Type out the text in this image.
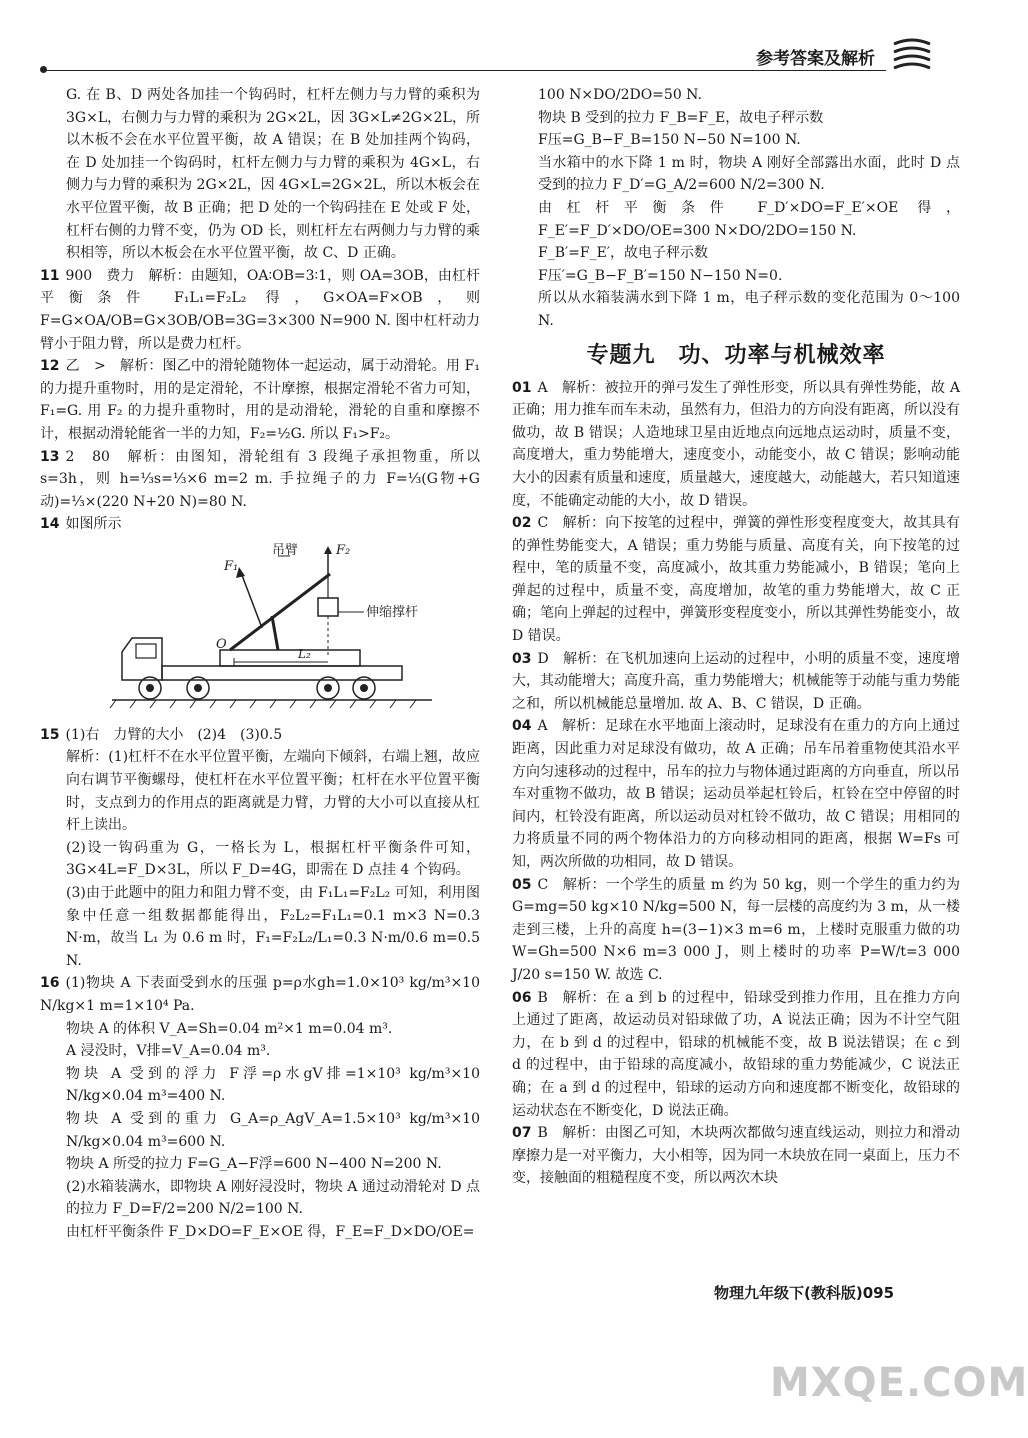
参考答案及解析

G. 在 B、D 两处各加挂一个钩码时，杠杆左侧力与力臂的乘积为 3G×L，右侧力与力臂的乘积为 2G×2L，因 3G×L≠2G×2L，所以木板不会在水平位置平衡，故 A 错误；在 B 处加挂两个钩码，在 D 处加挂一个钩码时，杠杆左侧力与力臂的乘积为 4G×L，右侧力与力臂的乘积为 2G×2L，因 4G×L=2G×2L，所以木板会在水平位置平衡，故 B 正确；把 D 处的一个钩码挂在 E 处或 F 处，杠杆右侧的力臂不变，仍为 OD 长，则杠杆左右两侧力与力臂的乘积相等，所以木板会在水平位置平衡，故 C、D 正确。

11 900　费力　解析：由题知，OA∶OB=3∶1，则 OA=3OB，由杠杆平衡条件 F₁L₁=F₂L₂ 得，G×OA=F×OB，则 F=G×OA/OB=G×3OB/OB=3G=3×300 N=900 N. 图中杠杆动力臂小于阻力臂，所以是费力杠杆。

12 乙　>　解析：图乙中的滑轮随物体一起运动，属于动滑轮。用 F₁ 的力提升重物时，用的是定滑轮，不计摩擦，根据定滑轮不省力可知，F₁=G. 用 F₂ 的力提升重物时，用的是动滑轮，滑轮的自重和摩擦不计，根据动滑轮能省一半的力知，F₂=½G. 所以 F₁>F₂。

13 2　80　解析：由图知，滑轮组有 3 段绳子承担物重，所以 s=3h，则 h=⅓s=⅓×6 m=2 m. 手拉绳子的力 F=⅓(G物+G动)=⅓×(220 N+20 N)=80 N.

14 如图所示

吊臂
伸缩撑杆
F₁
F₂
O
L₂

15 (1)右　力臂的大小　(2)4　(3)0.5

解析：(1)杠杆不在水平位置平衡，左端向下倾斜，右端上翘，故应向右调节平衡螺母，使杠杆在水平位置平衡；杠杆在水平位置平衡时，支点到力的作用点的距离就是力臂，力臂的大小可以直接从杠杆上读出。

(2)设一钩码重为 G，一格长为 L，根据杠杆平衡条件可知，3G×4L=F_D×3L，所以 F_D=4G，即需在 D 点挂 4 个钩码。

(3)由于此题中的阻力和阻力臂不变，由 F₁L₁=F₂L₂ 可知，利用图象中任意一组数据都能得出，F₂L₂=F₁L₁=0.1 m×3 N=0.3 N·m，故当 L₁ 为 0.6 m 时，F₁=F₂L₂/L₁=0.3 N·m/0.6 m=0.5 N.

16 (1)物块 A 下表面受到水的压强 p=ρ水gh=1.0×10³ kg/m³×10 N/kg×1 m=1×10⁴ Pa.

物块 A 的体积 V_A=Sh=0.04 m²×1 m=0.04 m³.

A 浸没时，V排=V_A=0.04 m³.

物块 A 受到的浮力 F浮=ρ水gV排=1×10³ kg/m³×10 N/kg×0.04 m³=400 N.

物块 A 受到的重力 G_A=ρ_AgV_A=1.5×10³ kg/m³×10 N/kg×0.04 m³=600 N.

物块 A 所受的拉力 F=G_A−F浮=600 N−400 N=200 N.

(2)水箱装满水，即物块 A 刚好浸没时，物块 A 通过动滑轮对 D 点的拉力 F_D=F/2=200 N/2=100 N.

由杠杆平衡条件 F_D×DO=F_E×OE 得，F_E=F_D×DO/OE=

100 N×DO/2DO=50 N.

物块 B 受到的拉力 F_B=F_E，故电子秤示数

F压=G_B−F_B=150 N−50 N=100 N.

当水箱中的水下降 1 m 时，物块 A 刚好全部露出水面，此时 D 点受到的拉力 F_D′=G_A/2=600 N/2=300 N.

由杠杆平衡条件 F_D′×DO=F_E′×OE 得，F_E′=F_D′×DO/OE=300 N×DO/2DO=150 N.

F_B′=F_E′，故电子秤示数

F压′=G_B−F_B′=150 N−150 N=0.

所以从水箱装满水到下降 1 m，电子秤示数的变化范围为 0～100 N.

专题九　功、功率与机械效率

01 A　解析：被拉开的弹弓发生了弹性形变，所以具有弹性势能，故 A 正确；用力推车而车未动，虽然有力，但沿力的方向没有距离，所以没有做功，故 B 错误；人造地球卫星由近地点向远地点运动时，质量不变，高度增大，重力势能增大，速度变小，动能变小，故 C 错误；影响动能大小的因素有质量和速度，质量越大，速度越大，动能越大，若只知道速度，不能确定动能的大小，故 D 错误。

02 C　解析：向下按笔的过程中，弹簧的弹性形变程度变大，故其具有的弹性势能变大，A 错误；重力势能与质量、高度有关，向下按笔的过程中，笔的质量不变，高度减小，故其重力势能减小，B 错误；笔向上弹起的过程中，质量不变，高度增加，故笔的重力势能增大，故 C 正确；笔向上弹起的过程中，弹簧形变程度变小，所以其弹性势能变小，故 D 错误。

03 D　解析：在飞机加速向上运动的过程中，小明的质量不变，速度增大，其动能增大；高度升高，重力势能增大；机械能等于动能与重力势能之和，所以机械能总量增加. 故 A、B、C 错误，D 正确。

04 A　解析：足球在水平地面上滚动时，足球没有在重力的方向上通过距离，因此重力对足球没有做功，故 A 正确；吊车吊着重物使其沿水平方向匀速移动的过程中，吊车的拉力与物体通过距离的方向垂直，所以吊车对重物不做功，故 B 错误；运动员举起杠铃后，杠铃在空中停留的时间内，杠铃没有距离，所以运动员对杠铃不做功，故 C 错误；用相同的力将质量不同的两个物体沿力的方向移动相同的距离，根据 W=Fs 可知，两次所做的功相同，故 D 错误。

05 C　解析：一个学生的质量 m 约为 50 kg，则一个学生的重力约为 G=mg=50 kg×10 N/kg=500 N，每一层楼的高度约为 3 m，从一楼走到三楼，上升的高度 h=(3−1)×3 m=6 m，上楼时克服重力做的功 W=Gh=500 N×6 m=3 000 J，则上楼时的功率 P=W/t=3 000 J/20 s=150 W. 故选 C.

06 B　解析：在 a 到 b 的过程中，铅球受到推力作用，且在推力方向上通过了距离，故运动员对铅球做了功，A 说法正确；因为不计空气阻力，在 b 到 d 的过程中，铅球的机械能不变，故 B 说法错误；在 c 到 d 的过程中，由于铅球的高度减小，故铅球的重力势能减少，C 说法正确；在 a 到 d 的过程中，铅球的运动方向和速度都不断变化，故铅球的运动状态在不断变化，D 说法正确。

07 B　解析：由图乙可知，木块两次都做匀速直线运动，则拉力和滑动摩擦力是一对平衡力，大小相等，因为同一木块放在同一桌面上，压力不变，接触面的粗糙程度不变，所以两次木块

物理九年级下(教科版)095
MXQE.COM
